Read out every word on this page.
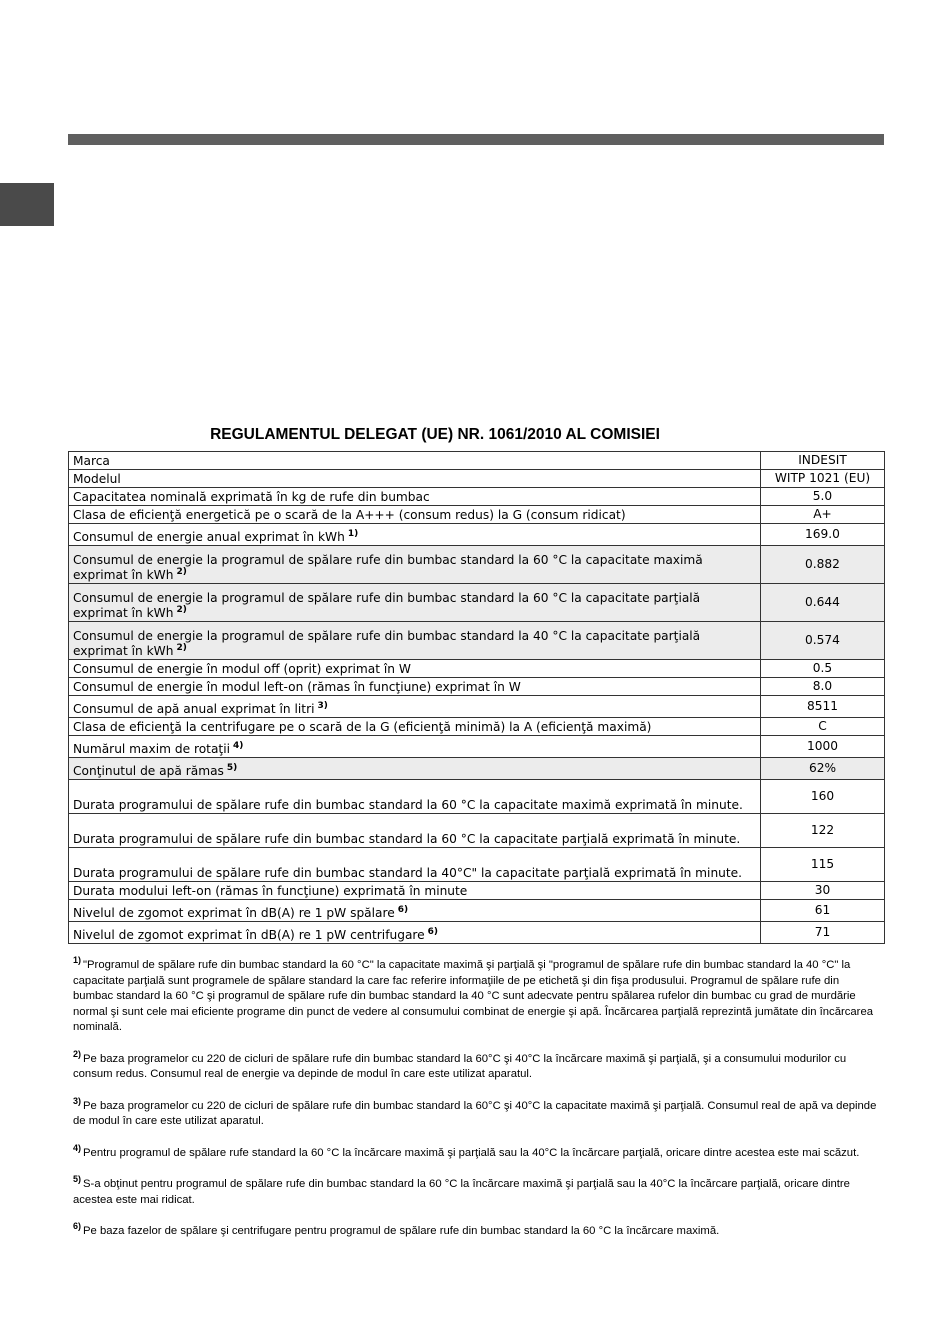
REGULAMENTUL DELEGAT (UE) NR. 1061/2010 AL COMISIEI
Marca	INDESIT
Modelul	WITP 1021 (EU)
Capacitatea nominală exprimată în kg de rufe din bumbac	5.0
Clasa de eficienţă energetică pe o scară de la A+++ (consum redus) la G (consum ridicat)	A+
Consumul de energie anual exprimat în kWh $^{1)}$	169.0
Consumul de energie la programul de spălare rufe din bumbac standard la 60 °C la capacitate maximă exprimat în kWh $^{2)}$	0.882
Consumul de energie la programul de spălare rufe din bumbac standard la 60 °C la capacitate parţială exprimat în kWh $^{2)}$	0.644
Consumul de energie la programul de spălare rufe din bumbac standard la 40 °C la capacitate parţială exprimat în kWh $^{2)}$	0.574
Consumul de energie în modul off (oprit) exprimat în W	0.5
Consumul de energie în modul left-on (rămas în funcţiune) exprimat în W	8.0
Consumul de apă anual exprimat în litri $^{3)}$	8511
Clasa de eficienţă la centrifugare pe o scară de la G (eficienţă minimă) la A (eficienţă maximă)	C
Numărul maxim de rotaţii $^{4)}$	1000
Conţinutul de apă rămas $^{5)}$	62%
Durata programului de spălare rufe din bumbac standard la 60 °C la capacitate maximă exprimată în minute.	160
Durata programului de spălare rufe din bumbac standard la 60 °C la capacitate parţială exprimată în minute.	122
Durata programului de spălare rufe din bumbac standard la 40°C" la capacitate parţială exprimată în minute.	115
Durata modului left-on (rămas în funcţiune) exprimată în minute	30
Nivelul de zgomot exprimat în dB(A) re 1 pW spălare $^{6)}$	61
Nivelul de zgomot exprimat în dB(A) re 1 pW centrifugare $^{6)}$	71
$^{1)}$ "Programul de spălare rufe din bumbac standard la 60 °C" la capacitate maximă şi parţială şi "programul de spălare rufe din bumbac standard la 40 °C" la capacitate parţială sunt programele de spălare standard la care fac referire informaţiile de pe etichetă şi din fişa produsului. Programul de spălare rufe din bumbac standard la 60 °C şi programul de spălare rufe din bumbac standard la 40 °C sunt adecvate pentru spălarea rufelor din bumbac cu grad de murdărie normal şi sunt cele mai eficiente programe din punct de vedere al consumului combinat de energie şi apă. Încărcarea parţială reprezintă jumătate din încărcarea nominală.
$^{2)}$ Pe baza programelor cu 220 de cicluri de spălare rufe din bumbac standard la 60°C şi 40°C la încărcare maximă şi parţială, şi a consumului modurilor cu consum redus. Consumul real de energie va depinde de modul în care este utilizat aparatul.
$^{3)}$ Pe baza programelor cu 220 de cicluri de spălare rufe din bumbac standard la 60°C şi 40°C la capacitate maximă şi parţială. Consumul real de apă va depinde de modul în care este utilizat aparatul.
$^{4)}$ Pentru programul de spălare rufe standard la 60 °C la încărcare maximă şi parţială sau la 40°C la încărcare parţială, oricare dintre acestea este mai scăzut.
$^{5)}$ S-a obţinut pentru programul de spălare rufe din bumbac standard la 60 °C la încărcare maximă şi parţială sau la 40°C la încărcare parţială, oricare dintre acestea este mai ridicat.
$^{6)}$ Pe baza fazelor de spălare şi centrifugare pentru programul de spălare rufe din bumbac standard la 60 °C la încărcare maximă.
